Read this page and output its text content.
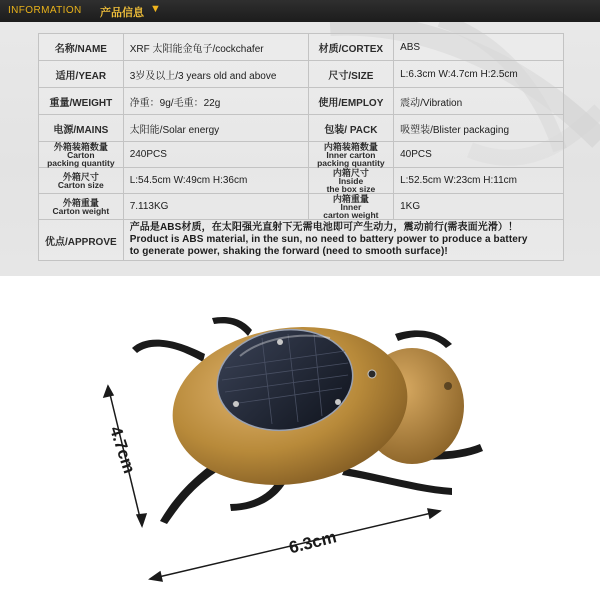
INFORMATION 产品信息 ▼
名称/NAME	XRF 太阳能金龟子/cockchafer	材质/CORTEX	ABS
适用/YEAR	3岁及以上/3 years old and above	尺寸/SIZE	L:6.3cm W:4.7cm H:2.5cm
重量/WEIGHT	净重：9g/毛重：22g	使用/EMPLOY	震动/Vibration
电源/MAINS	太阳能/Solar energy	包装/ PACK	吸塑装/Blister packaging

外箱装箱数量
Carton
packing quantity	240PCS	内箱装箱数量
Inner carton
packing quantity	40PCS

外箱尺寸
Carton size	L:54.5cm W:49cm H:36cm	内箱尺寸
Inside
the box size	L:52.5cm W:23cm H:11cm

外箱重量
Carton weight	7.113KG	内箱重量
Inner
carton weight	1KG
优点/APPROVE	产品是ABS材质，在太阳强光直射下无需电池即可产生动力，震动前行(需表面光滑）！
Product is ABS material, in the sun, no need to battery power to produce a battery
to generate power, shaking the forward (need to smooth surface)!		
6.3cm
4.7cm
